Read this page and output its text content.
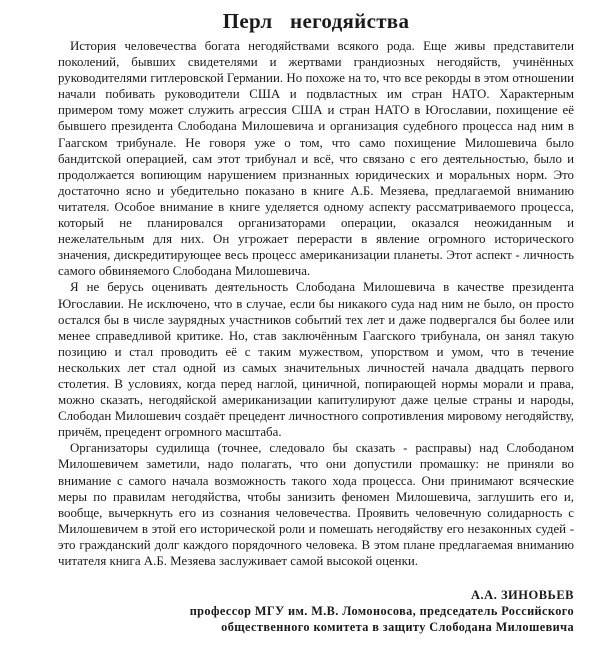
Перл негодяйства

История человечества богата негодяйствами всякого рода. Еще живы представители поколений, бывших свидетелями и жертвами грандиозных негодяйств, учинённых руководителями гитлеровской Германии. Но похоже на то, что все рекорды в этом отношении начали побивать руководители США и подвластных им стран НАТО. Характерным примером тому может служить агрессия США и стран НАТО в Югославии, похищение её бывшего президента Слободана Милошевича и организация судебного процесса над ним в Гаагском трибунале. Не говоря уже о том, что само похищение Милошевича было бандитской операцией, сам этот трибунал и всё, что связано с его деятельностью, было и продолжается вопиющим нарушением признанных юридических и моральных норм. Это достаточно ясно и убедительно показано в книге А.Б. Мезяева, предлагаемой вниманию читателя. Особое внимание в книге уделяется одному аспекту рассматриваемого процесса, который не планировался организаторами операции, оказался неожиданным и нежелательным для них. Он угрожает перерасти в явление огромного исторического значения, дискредитирующее весь процесс американизации планеты. Этот аспект - личность самого обвиняемого Слободана Милошевича.

Я не берусь оценивать деятельность Слободана Милошевича в качестве президента Югославии. Не исключено, что в случае, если бы никакого суда над ним не было, он просто остался бы в числе заурядных участников событий тех лет и даже подвергался бы более или менее справедливой критике. Но, став заключённым Гаагского трибунала, он занял такую позицию и стал проводить её с таким мужеством, упорством и умом, что в течение нескольких лет стал одной из самых значительных личностей начала двадцать первого столетия. В условиях, когда перед наглой, циничной, попирающей нормы морали и права, можно сказать, негодяйской американизации капитулируют даже целые страны и народы, Слободан Милошевич создаёт прецедент личностного сопротивления мировому негодяйству, причём, прецедент огромного масштаба.

Организаторы судилища (точнее, следовало бы сказать - расправы) над Слободаном Милошевичем заметили, надо полагать, что они допустили промашку: не приняли во внимание с самого начала возможность такого хода процесса. Они принимают всяческие меры по правилам негодяйства, чтобы занизить феномен Милошевича, заглушить его и, вообще, вычеркнуть его из сознания человечества. Проявить человечную солидарность с Милошевичем в этой его исторической роли и помешать негодяйству его незаконных судей - это гражданский долг каждого порядочного человека. В этом плане предлагаемая вниманию читателя книга А.Б. Мезяева заслуживает самой высокой оценки.

А.А. ЗИНОВЬЕВ
профессор МГУ им. М.В. Ломоносова, председатель Российского
общественного комитета в защиту Слободана Милошевича
